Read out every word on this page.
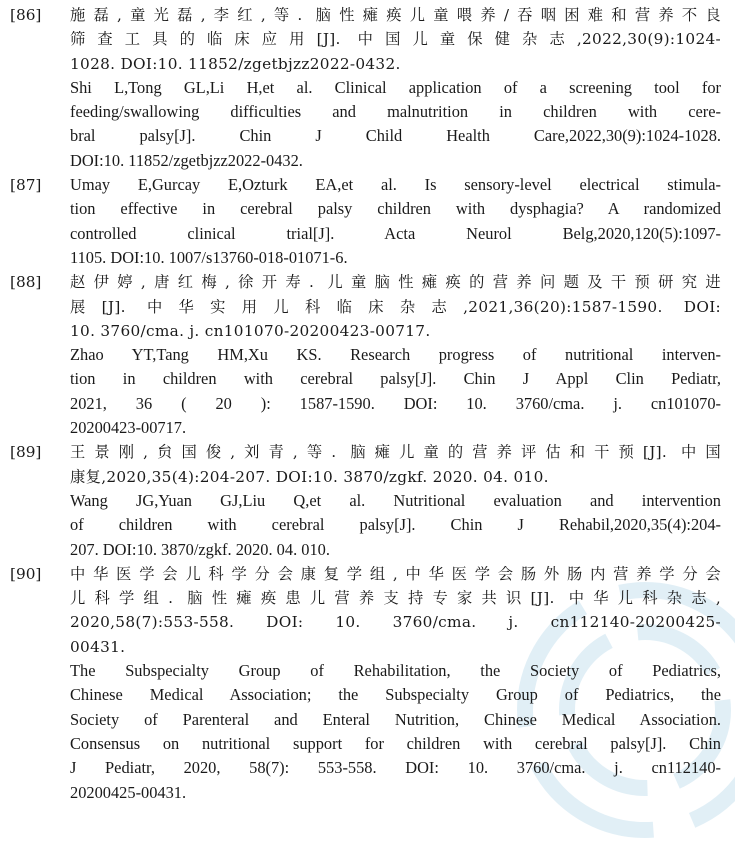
[86]	施磊,童光磊,李红,等. 脑性瘫痪儿童喂养/吞咽困难和营养不良
筛查工具的临床应用[J]. 中国儿童保健杂志,2022,30(9):1024-
1028. DOI:10. 11852/zgetbjzz2022-0432.
Shi L,Tong GL,Li H,et al. Clinical application of a screening tool for
feeding/swallowing difficulties and malnutrition in children with cere-
bral palsy[J]. Chin J Child Health Care,2022,30(9):1024-1028.
DOI:10. 11852/zgetbjzz2022-0432.
[87]	Umay E,Gurcay E,Ozturk EA,et al. Is sensory-level electrical stimula-
tion effective in cerebral palsy children with dysphagia? A randomized
controlled clinical trial[J]. Acta Neurol Belg,2020,120(5):1097-
1105. DOI:10. 1007/s13760-018-01071-6.
[88]	赵伊婷,唐红梅,徐开寿. 儿童脑性瘫痪的营养问题及干预研究进
展[J]. 中华实用儿科临床杂志,2021,36(20):1587-1590. DOI:
10. 3760/cma. j. cn101070-20200423-00717.
Zhao YT,Tang HM,Xu KS. Research progress of nutritional interven-
tion in children with cerebral palsy[J]. Chin J Appl Clin Pediatr,
2021, 36 ( 20 ): 1587-1590. DOI: 10. 3760/cma. j. cn101070-
20200423-00717.
[89]	王景刚,贠国俊,刘青,等. 脑瘫儿童的营养评估和干预[J]. 中国
康复,2020,35(4):204-207. DOI:10. 3870/zgkf. 2020. 04. 010.
Wang JG,Yuan GJ,Liu Q,et al. Nutritional evaluation and intervention
of children with cerebral palsy[J]. Chin J Rehabil,2020,35(4):204-
207. DOI:10. 3870/zgkf. 2020. 04. 010.
[90]	中华医学会儿科学分会康复学组,中华医学会肠外肠内营养学分会
儿科学组. 脑性瘫痪患儿营养支持专家共识[J]. 中华儿科杂志,
2020,58(7):553-558. DOI: 10. 3760/cma. j. cn112140-20200425-
00431.
The Subspecialty Group of Rehabilitation, the Society of Pediatrics,
Chinese Medical Association; the Subspecialty Group of Pediatrics, the
Society of Parenteral and Enteral Nutrition, Chinese Medical Association.
Consensus on nutritional support for children with cerebral palsy[J]. Chin
J Pediatr, 2020, 58(7): 553-558. DOI: 10. 3760/cma. j. cn112140-
20200425-00431.
